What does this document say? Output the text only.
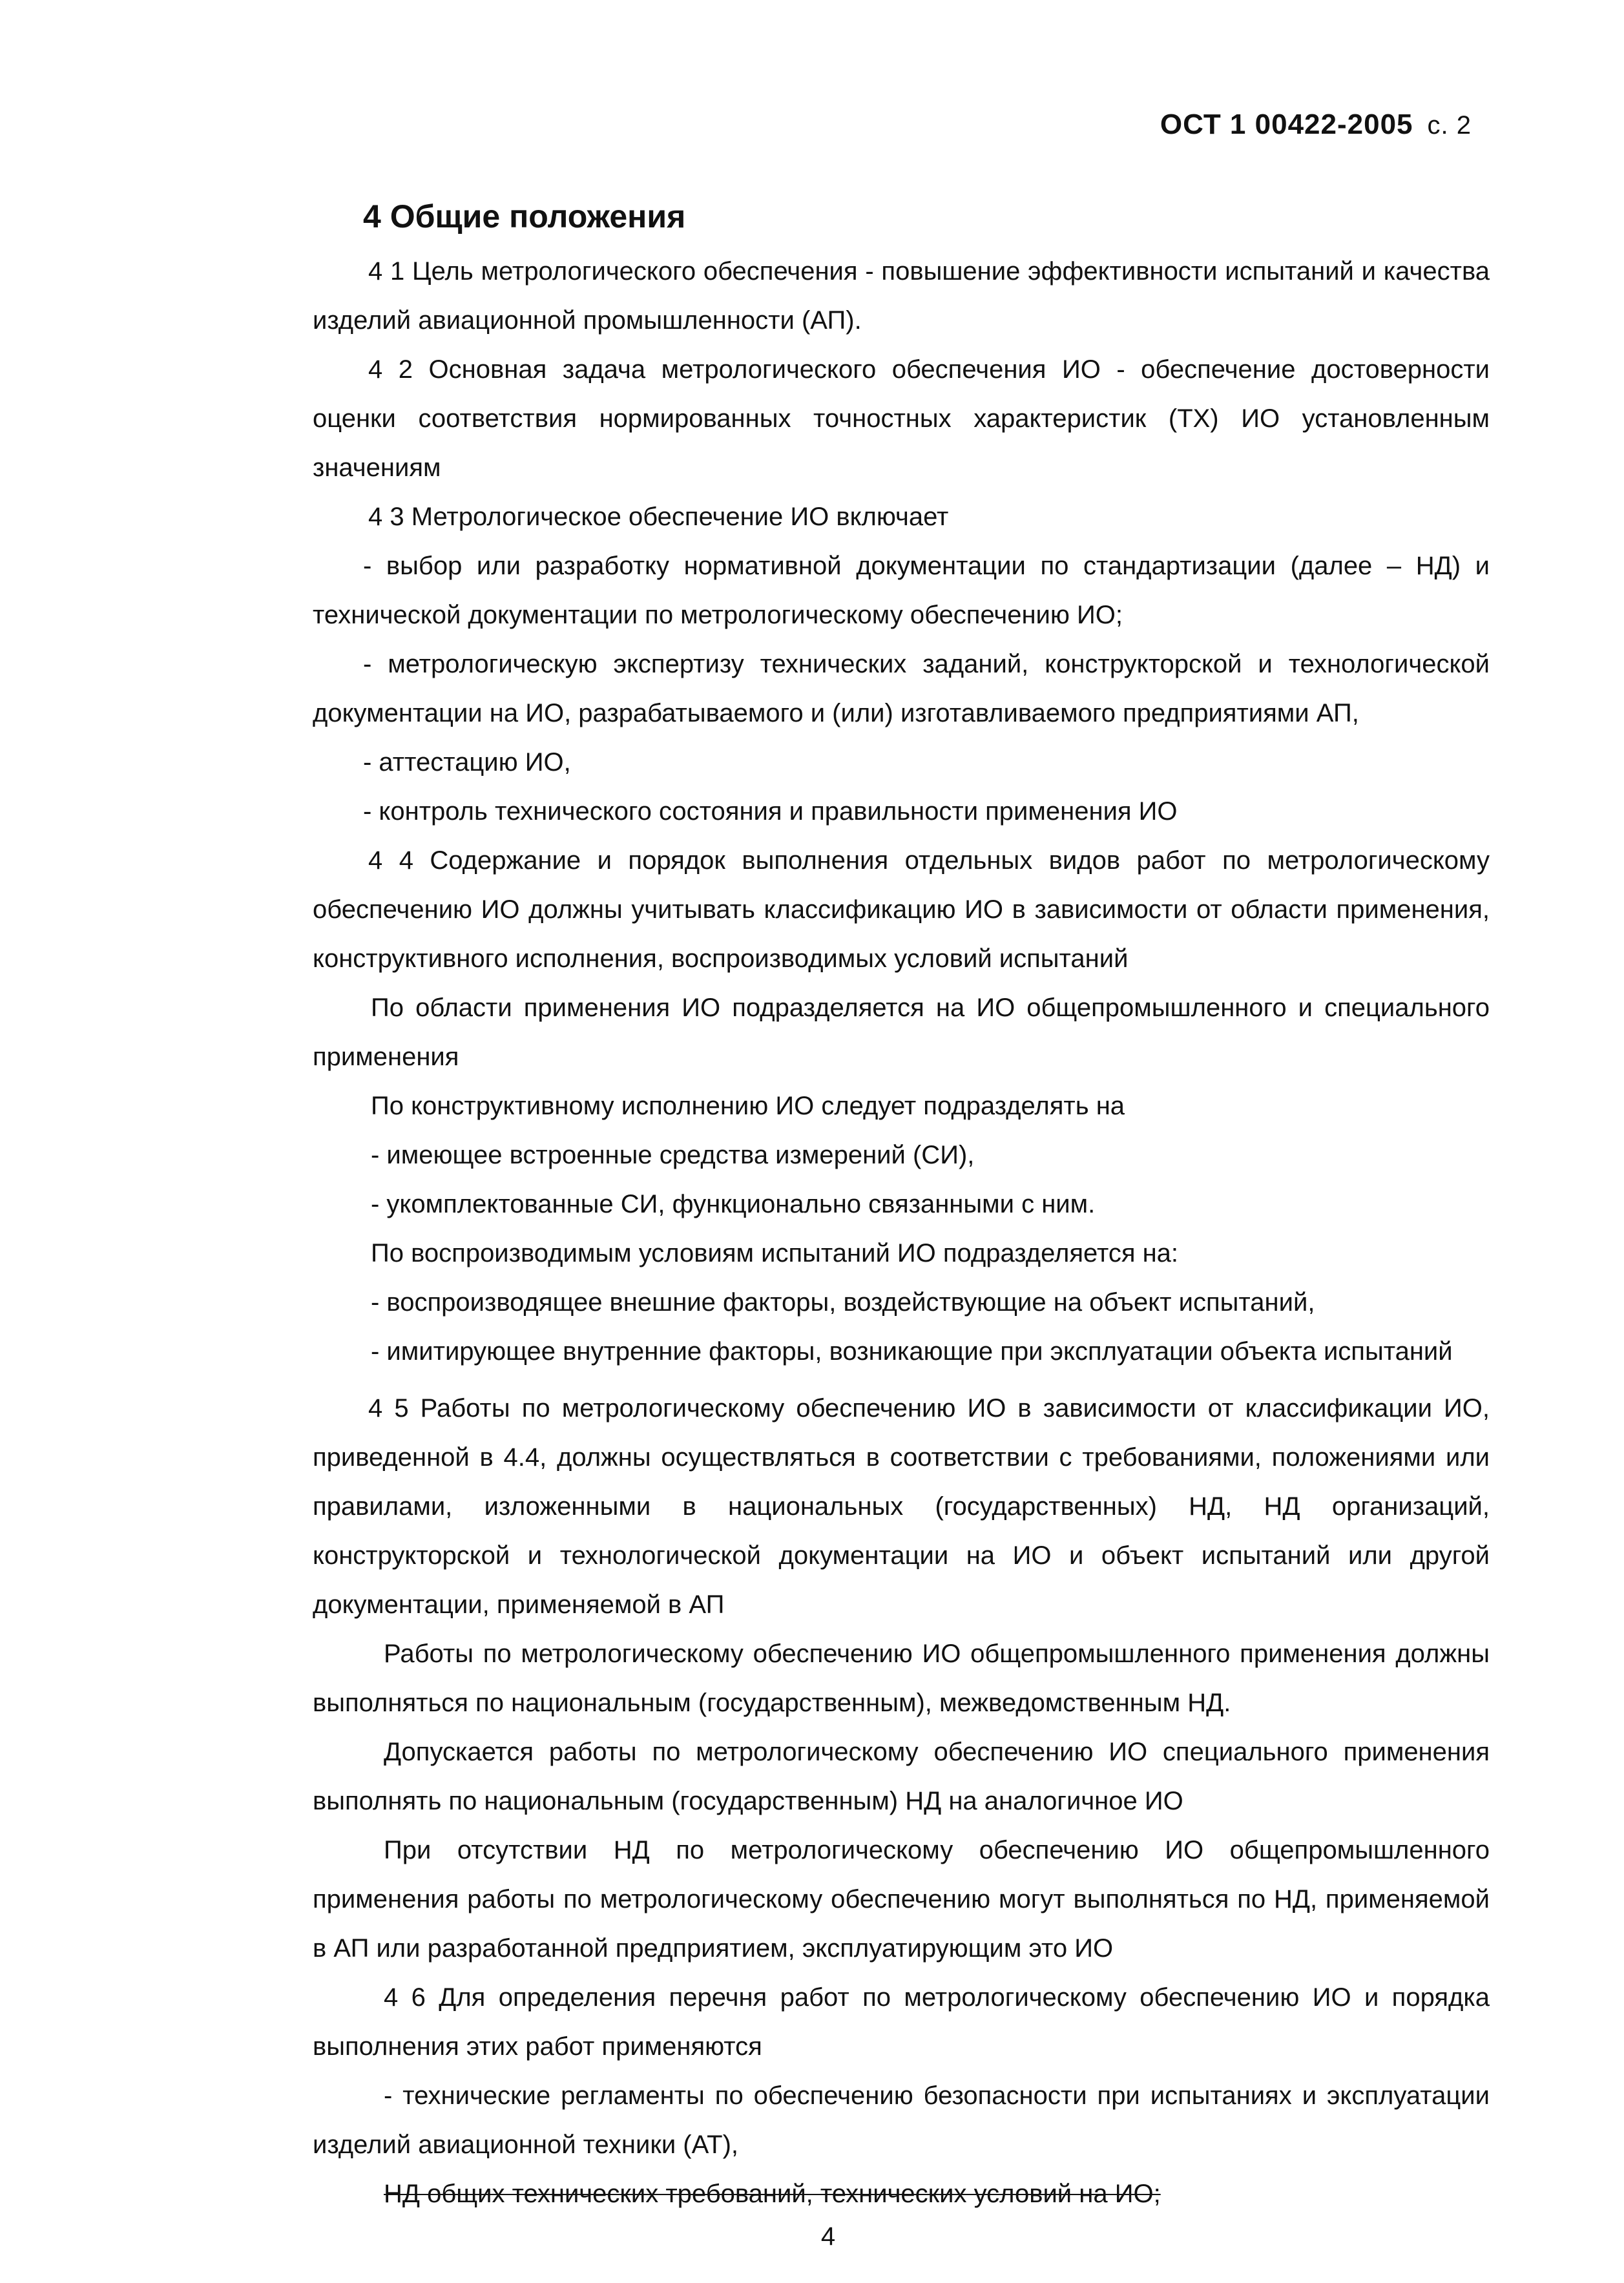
ОСТ 1 00422-2005 с. 2
4 Общие положения

4 1 Цель метрологического обеспечения - повышение эффективности испытаний и качества изделий авиационной промышленности (АП).

4 2 Основная задача метрологического обеспечения ИО - обеспечение достоверности оценки соответствия нормированных точностных характеристик (ТХ) ИО установленным значениям

4 3 Метрологическое обеспечение ИО включает

- выбор или разработку нормативной документации по стандартизации (далее – НД) и технической документации по метрологическому обеспечению ИО;

- метрологическую экспертизу технических заданий, конструкторской и технологической документации на ИО, разрабатываемого и (или) изготавливаемого предприятиями АП,

- аттестацию ИО,

- контроль технического состояния и правильности применения ИО

4 4 Содержание и порядок выполнения отдельных видов работ по метрологическому обеспечению ИО должны учитывать классификацию ИО в зависимости от области применения, конструктивного исполнения, воспроизводимых условий испытаний

По области применения ИО подразделяется на ИО общепромышленного и специального применения

По конструктивному исполнению ИО следует подразделять на

- имеющее встроенные средства измерений (СИ),

- укомплектованные СИ, функционально связанными с ним.

По воспроизводимым условиям испытаний ИО подразделяется на:

- воспроизводящее внешние факторы, воздействующие на объект испытаний,

- имитирующее внутренние факторы, возникающие при эксплуатации объекта испытаний

4 5 Работы по метрологическому обеспечению ИО в зависимости от классификации ИО, приведенной в 4.4, должны осуществляться в соответствии с требованиями, положениями или правилами, изложенными в национальных (государственных) НД, НД организаций, конструкторской и технологической документации на ИО и объект испытаний или другой документации, применяемой в АП

Работы по метрологическому обеспечению ИО общепромышленного применения должны выполняться по национальным (государственным), межведомственным НД.

Допускается работы по метрологическому обеспечению ИО специального применения выполнять по национальным (государственным) НД на аналогичное ИО

При отсутствии НД по метрологическому обеспечению ИО общепромышленного применения работы по метрологическому обеспечению могут выполняться по НД, применяемой в АП или разработанной предприятием, эксплуатирующим это ИО

4 6 Для определения перечня работ по метрологическому обеспечению ИО и порядка выполнения этих работ применяются

- технические регламенты по обеспечению безопасности при испытаниях и эксплуатации изделий авиационной техники (АТ),

НД общих технических требований, технических условий на ИО;

4
